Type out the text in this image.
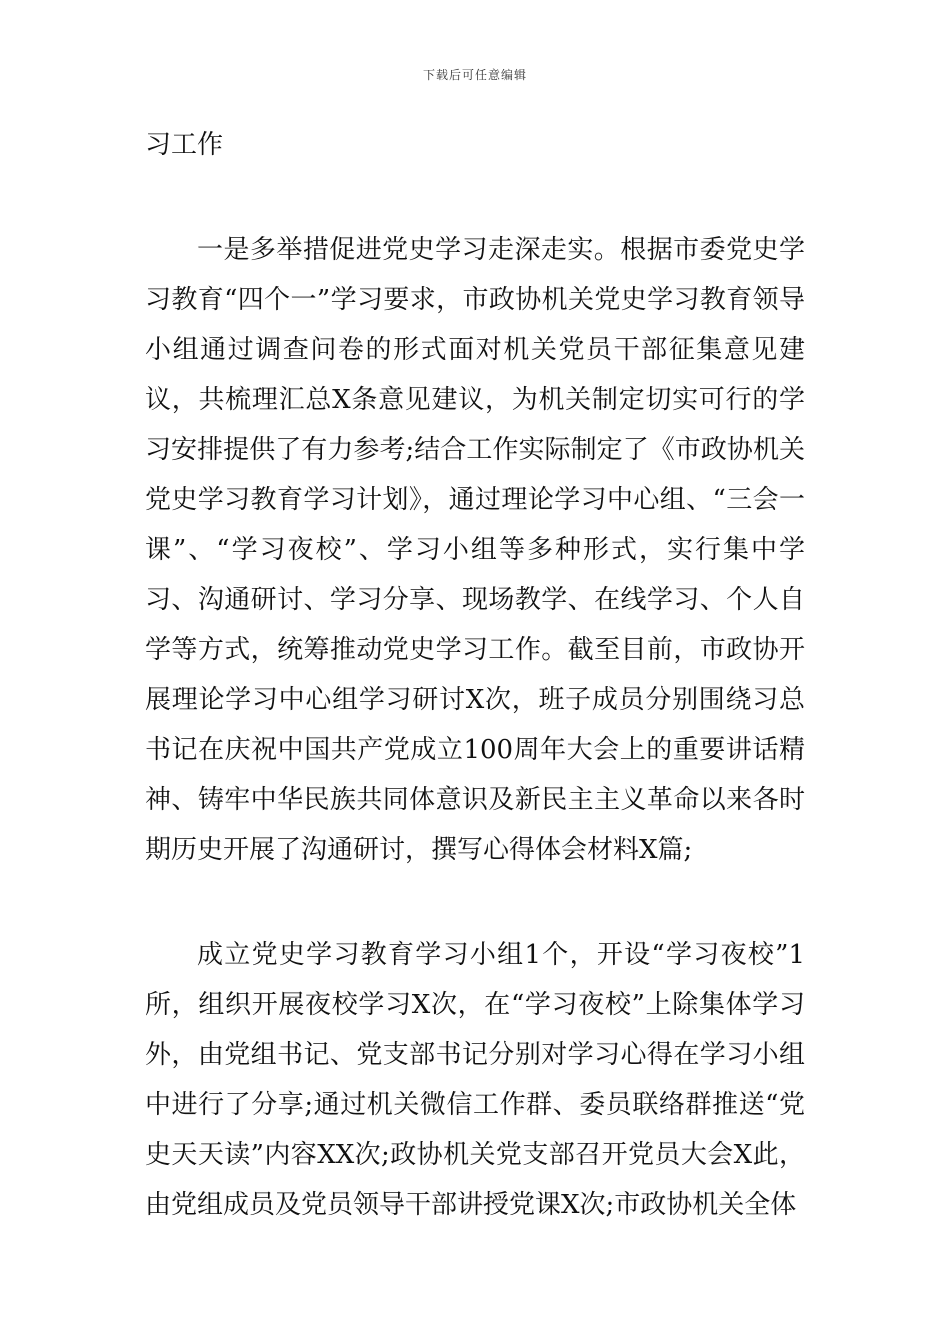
下载后可任意编辑

习工作

一是多举措促进党史学习走深走实。根据市委党史学习教育“四个一”学习要求，市政协机关党史学习教育领导小组通过调查问卷的形式面对机关党员干部征集意见建议，共梳理汇总X条意见建议，为机关制定切实可行的学习安排提供了有力参考;结合工作实际制定了《市政协机关党史学习教育学习计划》，通过理论学习中心组、“三会一课”、“学习夜校”、学习小组等多种形式，实行集中学习、沟通研讨、学习分享、现场教学、在线学习、个人自学等方式，统筹推动党史学习工作。截至目前，市政协开展理论学习中心组学习研讨X次，班子成员分别围绕习总书记在庆祝中国共产党成立100周年大会上的重要讲话精神、铸牢中华民族共同体意识及新民主主义革命以来各时期历史开展了沟通研讨，撰写心得体会材料X篇;

成立党史学习教育学习小组1个，开设“学习夜校”1所，组织开展夜校学习X次，在“学习夜校”上除集体学习外，由党组书记、党支部书记分别对学习心得在学习小组中进行了分享;通过机关微信工作群、委员联络群推送“党史天天读”内容XX次;政协机关党支部召开党员大会X此，由党组成员及党员领导干部讲授党课X次;市政协机关全体
